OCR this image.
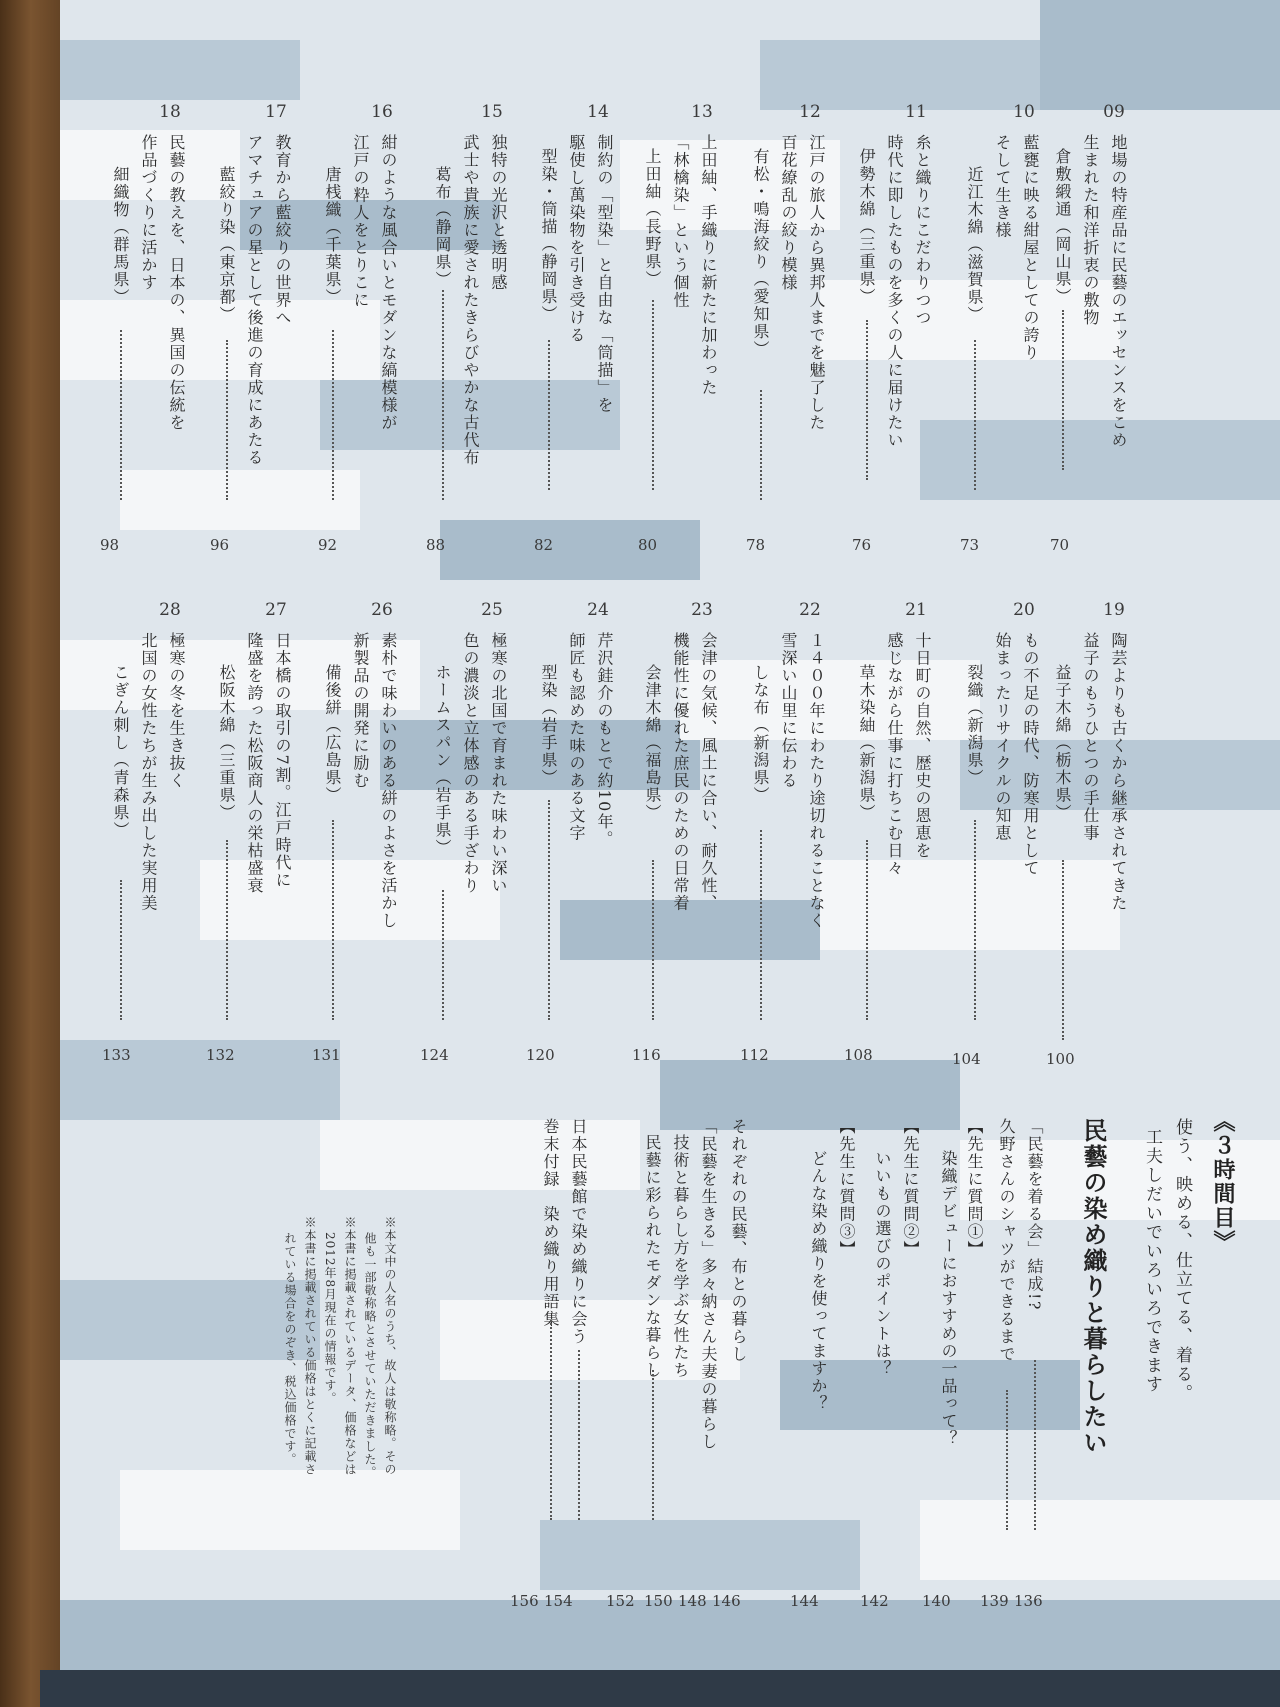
09
地場の特産品に民藝のエッセンスをこめ
生まれた和洋折衷の敷物
倉敷緞通（岡山県）
70
10
藍甕に映る紺屋としての誇り
そして生き様
近江木綿（滋賀県）
73
11
糸と織りにこだわりつつ
時代に即したものを多くの人に届けたい
伊勢木綿（三重県）
76
12
江戸の旅人から異邦人までを魅了した
百花繚乱の絞り模様
有松・鳴海絞り（愛知県）
78
13
上田紬、手織りに新たに加わった
「林檎染」という個性
上田紬（長野県）
80
14
制約の「型染」と自由な「筒描」を
駆使し萬染物を引き受ける
型染・筒描（静岡県）
82
15
独特の光沢と透明感
武士や貴族に愛されたきらびやかな古代布
葛布（静岡県）
88
16
紺のような風合いとモダンな縞模様が
江戸の粋人をとりこに
唐桟織（千葉県）
92
17
教育から藍絞りの世界へ
アマチュアの星として後進の育成にあたる
藍絞り染（東京都）
96
18
民藝の教えを、日本の、異国の伝統を
作品づくりに活かす
細織物（群馬県）
98
19
陶芸よりも古くから継承されてきた
益子のもうひとつの手仕事
益子木綿（栃木県）
100
20
もの不足の時代、防寒用として
始まったリサイクルの知恵
裂織（新潟県）
104
21
十日町の自然、歴史の恩恵を
感じながら仕事に打ちこむ日々
草木染紬（新潟県）
108
22
１４００年にわたり途切れることなく
雪深い山里に伝わる
しな布（新潟県）
112
23
会津の気候、風土に合い、耐久性、
機能性に優れた庶民のための日常着
会津木綿（福島県）
116
24
芹沢銈介のもとで約10年。
師匠も認めた味のある文字
型染（岩手県）
120
25
極寒の北国で育まれた味わい深い
色の濃淡と立体感のある手ざわり
ホームスパン（岩手県）
124
26
素朴で味わいのある絣のよさを活かし
新製品の開発に励む
備後絣（広島県）
131
27
日本橋の取引の7割。江戸時代に
隆盛を誇った松阪商人の栄枯盛衰
松阪木綿（三重県）
132
28
極寒の冬を生き抜く
北国の女性たちが生み出した実用美
こぎん刺し（青森県）
133
《３時間目》
使う、映める、仕立てる、着る。
工夫しだいでいろいろできます
民藝の染め織りと暮らしたい
「民藝を着る会」結成!?
久野さんのシャツができるまで
136
139
【先生に質問①】
染織デビューにおすすめの一品って？
140
【先生に質問②】
いいもの選びのポイントは？
142
【先生に質問③】
どんな染め織りを使ってますか？
144
それぞれの民藝、布との暮らし
146
「民藝を生きる」多々納さん夫妻の暮らし
148
技術と暮らし方を学ぶ女性たち
150
民藝に彩られたモダンな暮らし
152
日本民藝館で染め織りに会う
154
巻末付録　染め織り用語集
156
※本文中の人名のうち、故人は敬称略。その
他も一部敬称略とさせていただきました。
※本書に掲載されているデータ、価格などは
2012年8月現在の情報です。
※本書に掲載されている価格はとくに記載さ
れている場合をのぞき、税込価格です。
